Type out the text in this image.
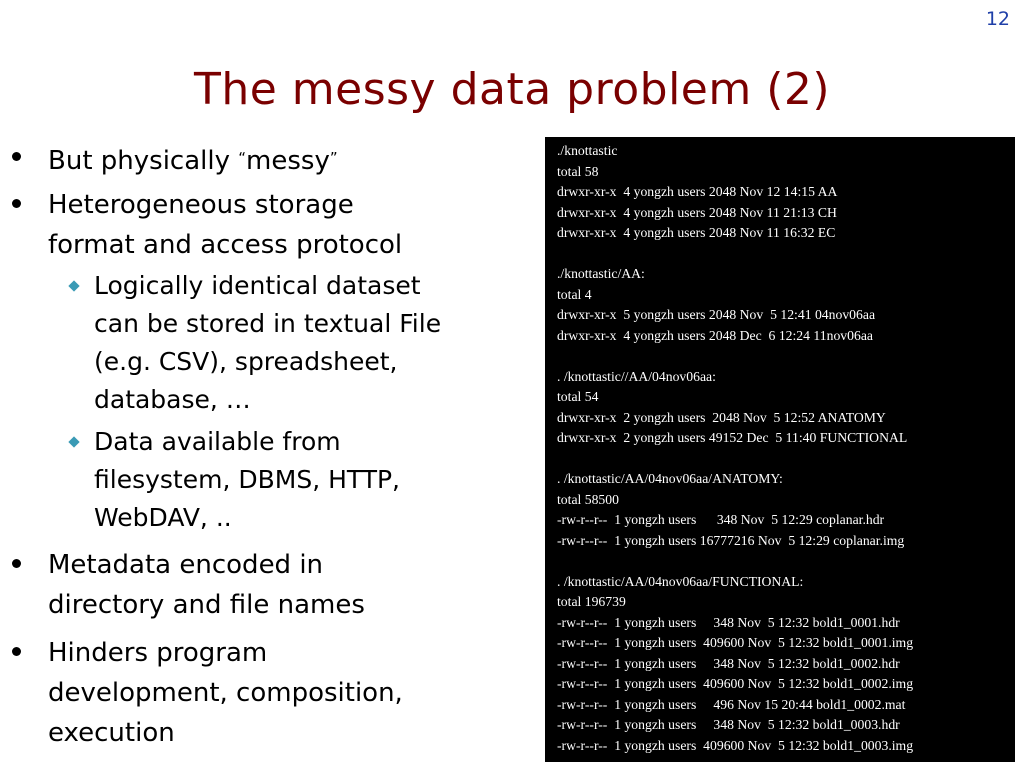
12
The messy data problem (2)
But physically “messy”
Heterogeneous storage
format and access protocol
Logically identical dataset
can be stored in textual File
(e.g. CSV), spreadsheet,
database, …
Data available from
filesystem, DBMS, HTTP,
WebDAV, ..
Metadata encoded in
directory and file names
Hinders program
development, composition,
execution
./knottastic
total 58
drwxr-xr-x  4 yongzh users 2048 Nov 12 14:15 AA
drwxr-xr-x  4 yongzh users 2048 Nov 11 21:13 CH
drwxr-xr-x  4 yongzh users 2048 Nov 11 16:32 EC
./knottastic/AA:
total 4
drwxr-xr-x  5 yongzh users 2048 Nov  5 12:41 04nov06aa
drwxr-xr-x  4 yongzh users 2048 Dec  6 12:24 11nov06aa
. /knottastic//AA/04nov06aa:
total 54
drwxr-xr-x  2 yongzh users  2048 Nov  5 12:52 ANATOMY
drwxr-xr-x  2 yongzh users 49152 Dec  5 11:40 FUNCTIONAL
. /knottastic/AA/04nov06aa/ANATOMY:
total 58500
-rw-r--r--  1 yongzh users      348 Nov  5 12:29 coplanar.hdr
-rw-r--r--  1 yongzh users 16777216 Nov  5 12:29 coplanar.img
. /knottastic/AA/04nov06aa/FUNCTIONAL:
total 196739
-rw-r--r--  1 yongzh users     348 Nov  5 12:32 bold1_0001.hdr
-rw-r--r--  1 yongzh users  409600 Nov  5 12:32 bold1_0001.img
-rw-r--r--  1 yongzh users     348 Nov  5 12:32 bold1_0002.hdr
-rw-r--r--  1 yongzh users  409600 Nov  5 12:32 bold1_0002.img
-rw-r--r--  1 yongzh users     496 Nov 15 20:44 bold1_0002.mat
-rw-r--r--  1 yongzh users     348 Nov  5 12:32 bold1_0003.hdr
-rw-r--r--  1 yongzh users  409600 Nov  5 12:32 bold1_0003.img
